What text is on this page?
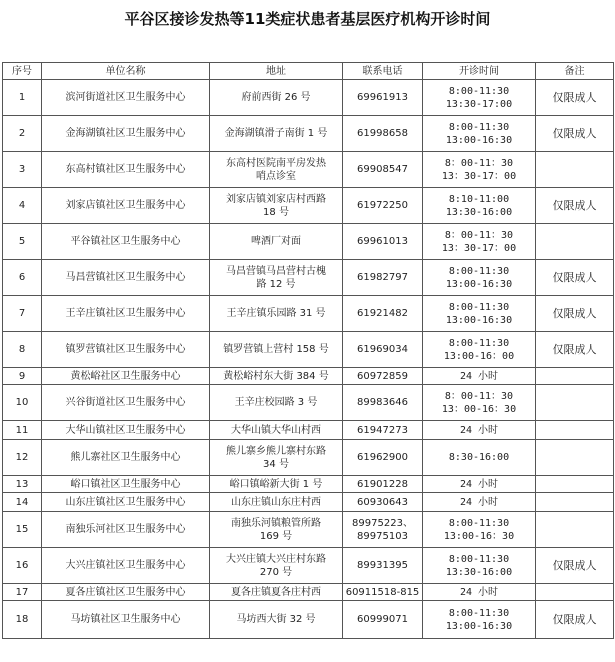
平谷区接诊发热等11类症状患者基层医疗机构开诊时间
序号	单位名称	地址	联系电话	开诊时间	备注
1	滨河街道社区卫生服务中心	府前西街 26 号	69961913	8:00-11:30
13:30-17:00	仅限成人
2	金海湖镇社区卫生服务中心	金海湖镇滑子南街 1 号	61998658	8:00-11:30
13:00-16:30	仅限成人
3	东高村镇社区卫生服务中心	东高村医院南平房发热
哨点诊室	69908547	8：00-11：30
13：30-17：00	
4	刘家店镇社区卫生服务中心	刘家店镇刘家店村西路
18 号	61972250	8:10-11:00
13:30-16:00	仅限成人
5	平谷镇社区卫生服务中心	啤酒厂对面	69961013	8：00-11：30
13：30-17：00	
6	马昌营镇社区卫生服务中心	马昌营镇马昌营村古槐
路 12 号	61982797	8:00-11:30
13:00-16:30	仅限成人
7	王辛庄镇社区卫生服务中心	王辛庄镇乐园路 31 号	61921482	8:00-11:30
13:00-16:30	仅限成人
8	镇罗营镇社区卫生服务中心	镇罗营镇上营村 158 号	61969034	8:00-11:30
13:00-16：00	仅限成人
9	黄松峪社区卫生服务中心	黄松峪村东大街 384 号	60972859	24 小时	
10	兴谷街道社区卫生服务中心	王辛庄校园路 3 号	89983646	8：00-11：30
13：00-16：30	
11	大华山镇社区卫生服务中心	大华山镇大华山村西	61947273	24 小时	
12	熊儿寨社区卫生服务中心	熊儿寨乡熊儿寨村东路
34 号	61962900	8:30-16:00	
13	峪口镇社区卫生服务中心	峪口镇峪新大街 1 号	61901228	24 小时	
14	山东庄镇社区卫生服务中心	山东庄镇山东庄村西	60930643	24 小时	
15	南独乐河社区卫生服务中心	南独乐河镇粮管所路
169 号	89975223、
89975103	8:00-11:30
13:00-16：30	
16	大兴庄镇社区卫生服务中心	大兴庄镇大兴庄村东路
270 号	89931395	8:00-11:30
13:30-16:00	仅限成人
17	夏各庄镇社区卫生服务中心	夏各庄镇夏各庄村西	60911518-815	24 小时	
18	马坊镇社区卫生服务中心	马坊西大街 32 号	60999071	8:00-11:30
13:00-16:30	仅限成人
